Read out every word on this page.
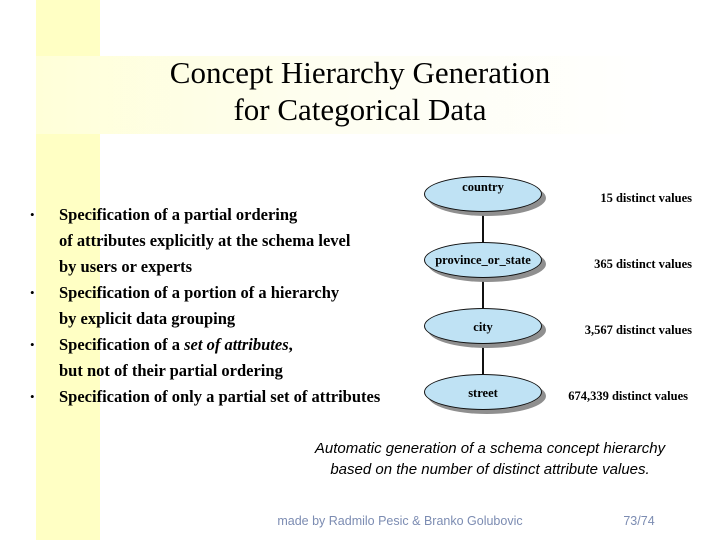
Concept Hierarchy Generation
for Categorical Data
•	Specification of a partial ordering
of attributes explicitly at the schema level
by users or experts
•	Specification of a portion of a hierarchy
by explicit data grouping
•	Specification of a set of attributes,
but not of their partial ordering
•	Specification of only a partial set of attributes
country
province_or_state
city
street
15 distinct values
365 distinct values
3,567 distinct values
674,339 distinct values
Automatic generation of a schema concept hierarchy
based on the number of distinct attribute values.
made by Radmilo Pesic & Branko Golubovic	73/74
